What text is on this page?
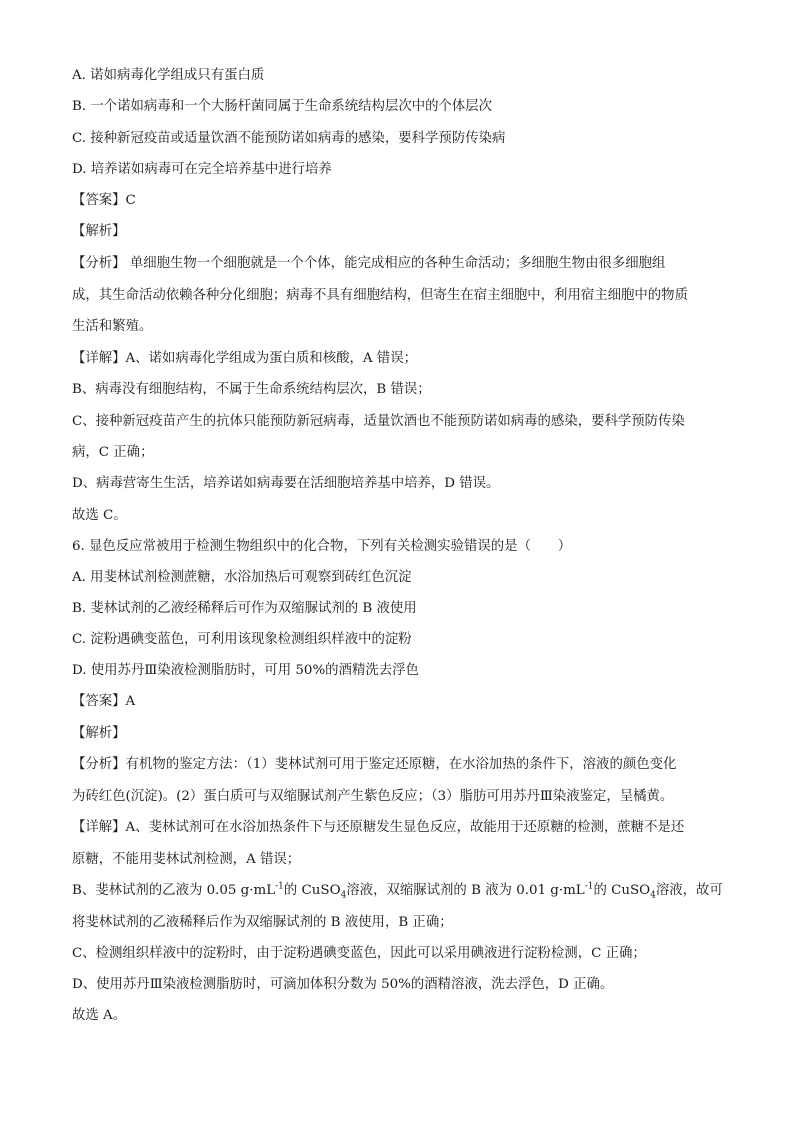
A. 诺如病毒化学组成只有蛋白质
B. 一个诺如病毒和一个大肠杆菌同属于生命系统结构层次中的个体层次
C. 接种新冠疫苗或适量饮酒不能预防诺如病毒的感染，要科学预防传染病
D. 培养诺如病毒可在完全培养基中进行培养
【答案】C
【解析】
【分析】 单细胞生物一个细胞就是一个个体，能完成相应的各种生命活动；多细胞生物由很多细胞组
成，其生命活动依赖各种分化细胞；病毒不具有细胞结构，但寄生在宿主细胞中，利用宿主细胞中的物质
生活和繁殖。
【详解】A、诺如病毒化学组成为蛋白质和核酸，A 错误；
B、病毒没有细胞结构，不属于生命系统结构层次，B 错误；
C、接种新冠疫苗产生的抗体只能预防新冠病毒，适量饮酒也不能预防诺如病毒的感染，要科学预防传染
病，C 正确；
D、病毒营寄生生活，培养诺如病毒要在活细胞培养基中培养，D 错误。
故选 C。
6. 显色反应常被用于检测生物组织中的化合物，下列有关检测实验错误的是（　　）
A. 用斐林试剂检测蔗糖，水浴加热后可观察到砖红色沉淀
B. 斐林试剂的乙液经稀释后可作为双缩脲试剂的 B 液使用
C. 淀粉遇碘变蓝色，可利用该现象检测组织样液中的淀粉
D. 使用苏丹Ⅲ染液检测脂肪时，可用 50%的酒精洗去浮色
【答案】A
【解析】
【分析】有机物的鉴定方法：（1）斐林试剂可用于鉴定还原糖，在水浴加热的条件下，溶液的颜色变化
为砖红色(沉淀)。(2）蛋白质可与双缩脲试剂产生紫色反应；（3）脂肪可用苏丹Ⅲ染液鉴定，呈橘黄。
【详解】A、斐林试剂可在水浴加热条件下与还原糖发生显色反应，故能用于还原糖的检测，蔗糖不是还
原糖，不能用斐林试剂检测，A 错误；
B、斐林试剂的乙液为 0.05 $g\cdot mL^{-1}$的 CuSO$_4$溶液，双缩脲试剂的 B 液为 0.01 $g\cdot mL^{-1}$的 CuSO$_4$溶液，故可
将斐林试剂的乙液稀释后作为双缩脲试剂的 B 液使用，B 正确；
C、检测组织样液中的淀粉时，由于淀粉遇碘变蓝色，因此可以采用碘液进行淀粉检测，C 正确；
D、使用苏丹Ⅲ染液检测脂肪时，可滴加体积分数为 50%的酒精溶液，洗去浮色，D 正确。
故选 A。
